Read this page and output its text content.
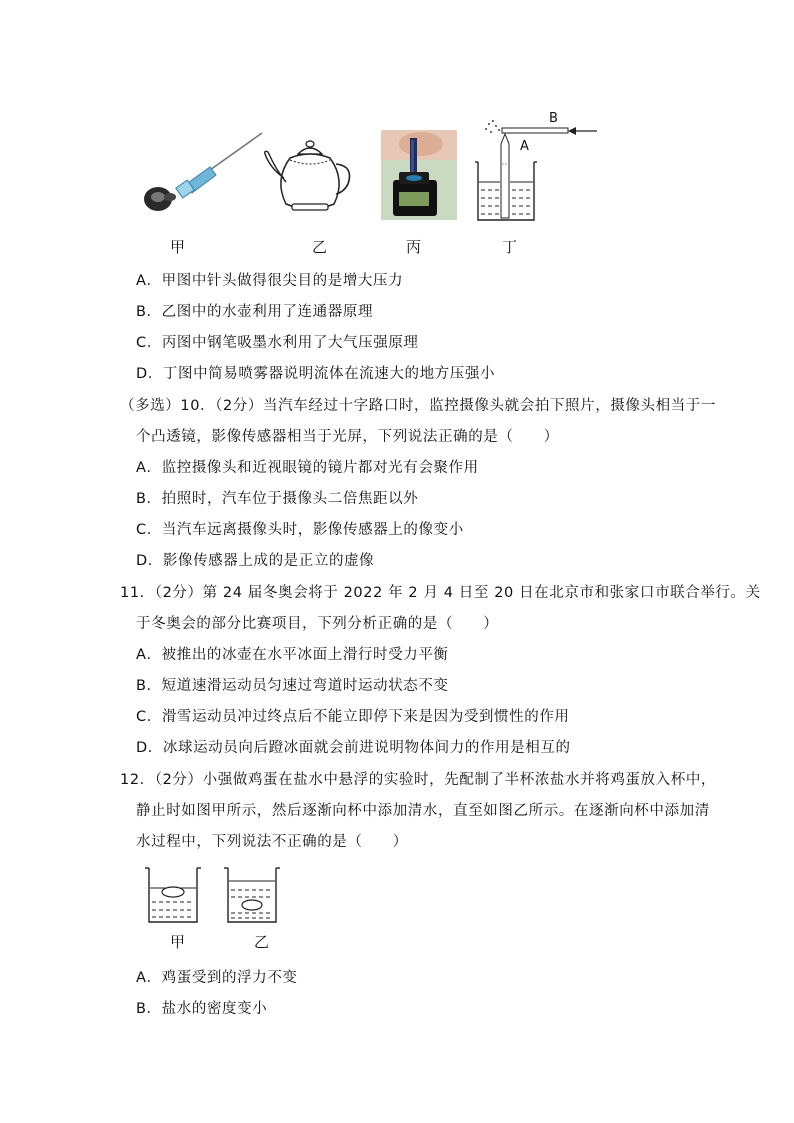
B
A
甲	乙	丙	丁
A．甲图中针头做得很尖目的是增大压力
B．乙图中的水壶利用了连通器原理
C．丙图中钢笔吸墨水利用了大气压强原理
D．丁图中简易喷雾器说明流体在流速大的地方压强小
（多选）10．（2分）当汽车经过十字路口时，监控摄像头就会拍下照片，摄像头相当于一
个凸透镜，影像传感器相当于光屏，下列说法正确的是（　　）
A．监控摄像头和近视眼镜的镜片都对光有会聚作用
B．拍照时，汽车位于摄像头二倍焦距以外
C．当汽车远离摄像头时，影像传感器上的像变小
D．影像传感器上成的是正立的虚像
11．（2分）第 24 届冬奥会将于 2022 年 2 月 4 日至 20 日在北京市和张家口市联合举行。关
于冬奥会的部分比赛项目，下列分析正确的是（　　）
A．被推出的冰壶在水平冰面上滑行时受力平衡
B．短道速滑运动员匀速过弯道时运动状态不变
C．滑雪运动员冲过终点后不能立即停下来是因为受到惯性的作用
D．冰球运动员向后蹬冰面就会前进说明物体间力的作用是相互的
12．（2分）小强做鸡蛋在盐水中悬浮的实验时，先配制了半杯浓盐水并将鸡蛋放入杯中，
静止时如图甲所示，然后逐渐向杯中添加清水，直至如图乙所示。在逐渐向杯中添加清
水过程中，下列说法不正确的是（　　）
甲	乙
A．鸡蛋受到的浮力不变
B．盐水的密度变小
